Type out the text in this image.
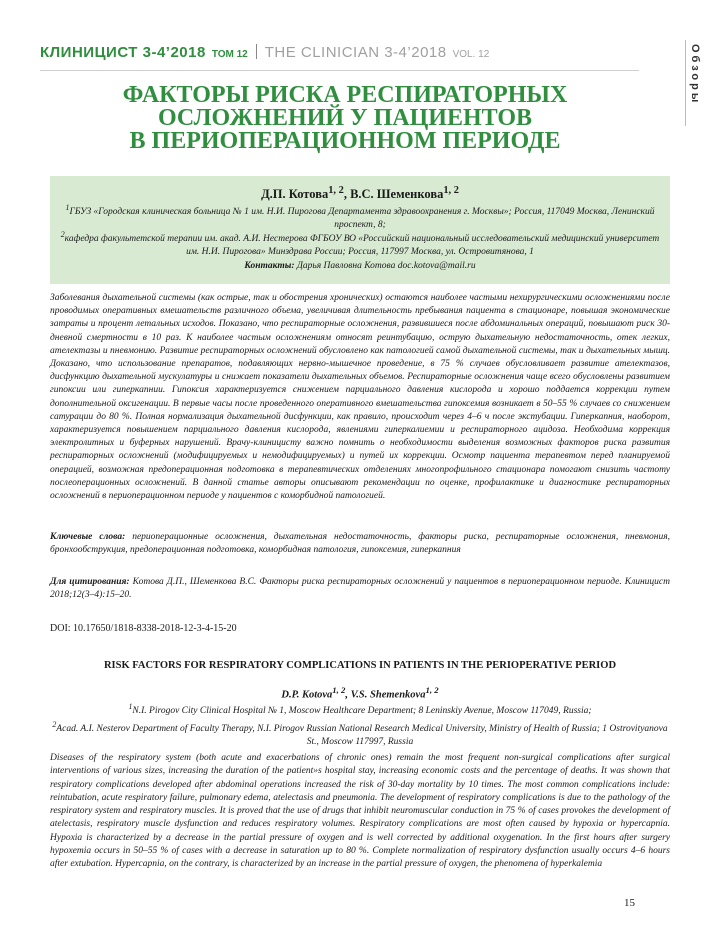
КЛИНИЦИСТ 3-4’2018 ТОМ 12 THE CLINICIAN 3-4’2018 VOL. 12	Обзоры
ФАКТОРЫ РИСКА РЕСПИРАТОРНЫХ
ОСЛОЖНЕНИЙ У ПАЦИЕНТОВ
В ПЕРИОПЕРАЦИОННОМ ПЕРИОДЕ
Д.П. Котова$^{1, 2}$, В.С. Шеменкова$^{1, 2}$
$^1$ГБУЗ «Городская клиническая больница № 1 им. Н.И. Пирогова Департамента здравоохранения г. Москвы»; Россия, 117049 Москва, Ленинский проспект, 8;
$^2$кафедра факультетской терапии им. акад. А.И. Нестерова ФГБОУ ВО «Российский национальный исследовательский медицинский университет им. Н.И. Пирогова» Минздрава России; Россия, 117997 Москва, ул. Островитянова, 1
Контакты: Дарья Павловна Котова doc.kotova@mail.ru
Заболевания дыхательной системы (как острые, так и обострения хронических) остаются наиболее частыми нехирургическими осложнениями после проводимых оперативных вмешательств различного объема, увеличивая длительность пребывания пациента в стационаре, повышая экономические затраты и процент летальных исходов. Показано, что респираторные осложнения, развившиеся после абдоминальных операций, повышают риск 30-дневной смертности в 10 раз. К наиболее частым осложнениям относят реинтубацию, острую дыхательную недостаточность, отек легких, ателектазы и пневмонию. Развитие респираторных осложнений обусловлено как патологией самой дыхательной системы, так и дыхательных мышц. Доказано, что использование препаратов, подавляющих нервно-мышечное проведение, в 75 % случаев обусловливает развитие ателектазов, дисфункцию дыхательной мускулатуры и снижает показатели дыхательных объемов. Респираторные осложнения чаще всего обусловлены развитием гипоксии или гиперкапнии. Гипоксия характеризуется снижением парциального давления кислорода и хорошо поддается коррекции путем дополнительной оксигенации. В первые часы после проведенного оперативного вмешательства гипоксемия возникает в 50–55 % случаев со снижением сатурации до 80 %. Полная нормализация дыхательной дисфункции, как правило, происходит через 4–6 ч после экстубации. Гиперкапния, наоборот, характеризуется повышением парциального давления кислорода, явлениями гиперкалиемии и респираторного ацидоза. Необходима коррекция электролитных и буферных нарушений. Врачу-клиницисту важно помнить о необходимости выделения возможных факторов риска развития респираторных осложнений (модифицируемых и немодифицируемых) и путей их коррекции. Осмотр пациента терапевтом перед планируемой операцией, возможная предоперационная подготовка в терапевтических отделениях многопрофильного стационара помогают снизить частоту послеоперационных осложнений. В данной статье авторы описывают рекомендации по оценке, профилактике и диагностике респираторных осложнений в периоперационном периоде у пациентов с коморбидной патологией.
Ключевые слова: периоперационные осложнения, дыхательная недостаточность, факторы риска, респираторные осложнения, пневмония, бронхообструкция, предоперационная подготовка, коморбидная патология, гипоксемия, гиперкапния
Для цитирования: Котова Д.П., Шеменкова В.С. Факторы риска респираторных осложнений у пациентов в периоперационном периоде. Клиницист 2018;12(3–4):15–20.
DOI: 10.17650/1818-8338-2018-12-3-4-15-20
RISK FACTORS FOR RESPIRATORY COMPLICATIONS IN PATIENTS IN THE PERIOPERATIVE PERIOD
D.P. Kotova$^{1, 2}$, V.S. Shemenkova$^{1, 2}$
$^1$N.I. Pirogov City Clinical Hospital № 1, Moscow Healthcare Department; 8 Leninskiy Avenue, Moscow 117049, Russia;
$^2$Acad. A.I. Nesterov Department of Faculty Therapy, N.I. Pirogov Russian National Research Medical University, Ministry of Health of Russia; 1 Ostrovityanova St., Moscow 117997, Russia
Diseases of the respiratory system (both acute and exacerbations of chronic ones) remain the most frequent non-surgical complications after surgical interventions of various sizes, increasing the duration of the patient»s hospital stay, increasing economic costs and the percentage of deaths. It was shown that respiratory complications developed after abdominal operations increased the risk of 30-day mortality by 10 times. The most common complications include: reintubation, acute respiratory failure, pulmonary edema, atelectasis and pneumonia. The development of respiratory complications is due to the pathology of the respiratory system and respiratory muscles. It is proved that the use of drugs that inhibit neuromuscular conduction in 75 % of cases provokes the development of atelectasis, respiratory muscle dysfunction and reduces respiratory volumes. Respiratory complications are most often caused by hypoxia or hypercapnia. Hypoxia is characterized by a decrease in the partial pressure of oxygen and is well corrected by additional oxygenation. In the first hours after surgery hypoxemia occurs in 50–55 % of cases with a decrease in saturation up to 80 %. Complete normalization of respiratory dysfunction usually occurs 4–6 hours after extubation. Hypercapnia, on the contrary, is characterized by an increase in the partial pressure of oxygen, the phenomena of hyperkalemia
15
